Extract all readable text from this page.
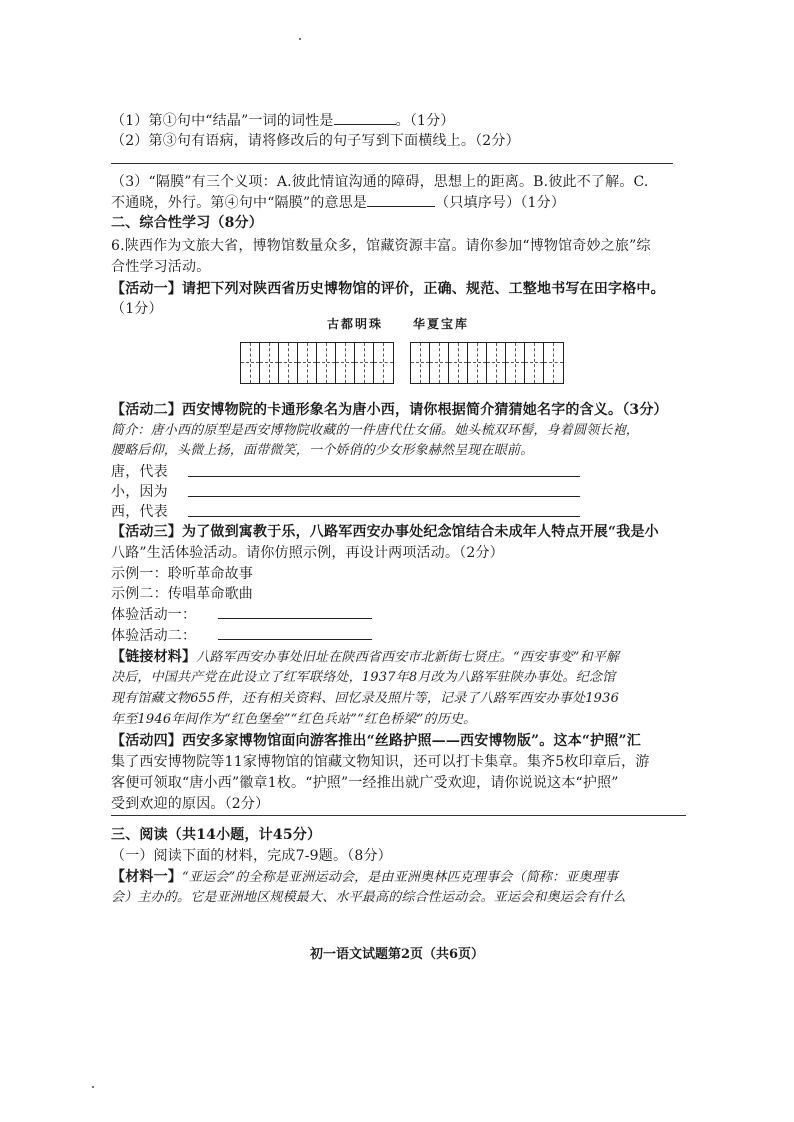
（1）第①句中“结晶”一词的词性是	。（1分）
（2）第③句有语病，请将修改后的句子写到下面横线上。（2分）
（3）“隔膜”有三个义项：A.彼此情谊沟通的障碍，思想上的距离。B.彼此不了解。C.
不通晓，外行。第④句中“隔膜”的意思是	（只填序号）（1分）
二、综合性学习（8分）
6.陕西作为文旅大省，博物馆数量众多，馆藏资源丰富。请你参加“博物馆奇妙之旅”综
合性学习活动。
【活动一】请把下列对陕西省历史博物馆的评价，正确、规范、工整地书写在田字格中。
（1分）
古都明珠 华夏宝库
【活动二】西安博物院的卡通形象名为唐小西，请你根据简介猜猜她名字的含义。（3分）
简介：唐小西的原型是西安博物院收藏的一件唐代仕女俑。她头梳双环髻，身着圆领长袍，
腰略后仰，头微上扬，面带微笑，一个娇俏的少女形象赫然呈现在眼前。
唐，代表
小，因为
西，代表
【活动三】为了做到寓教于乐，八路军西安办事处纪念馆结合未成年人特点开展“我是小
八路”生活体验活动。请你仿照示例，再设计两项活动。（2分）
示例一：聆听革命故事
示例二：传唱革命歌曲
体验活动一：
体验活动二：
【链接材料】八路军西安办事处旧址在陕西省西安市北新街七贤庄。“西安事变”和平解
决后，中国共产党在此设立了红军联络处，1937年8月改为八路军驻陕办事处。纪念馆
现有馆藏文物655件，还有相关资料、回忆录及照片等，记录了八路军西安办事处1936
年至1946年间作为“红色堡垒”“红色兵站”“红色桥梁”的历史。
【活动四】西安多家博物馆面向游客推出“丝路护照——西安博物版”。这本“护照”汇
集了西安博物院等11家博物馆的馆藏文物知识，还可以打卡集章。集齐5枚印章后，游
客便可领取“唐小西”徽章1枚。“护照”一经推出就广受欢迎，请你说说这本“护照”
受到欢迎的原因。（2分）
三、阅读（共14小题，计45分）
（一）阅读下面的材料，完成7-9题。（8分）
【材料一】“亚运会”的全称是亚洲运动会，是由亚洲奥林匹克理事会（简称：亚奥理事
会）主办的。它是亚洲地区规模最大、水平最高的综合性运动会。亚运会和奥运会有什么
初一语文试题第2页（共6页）
